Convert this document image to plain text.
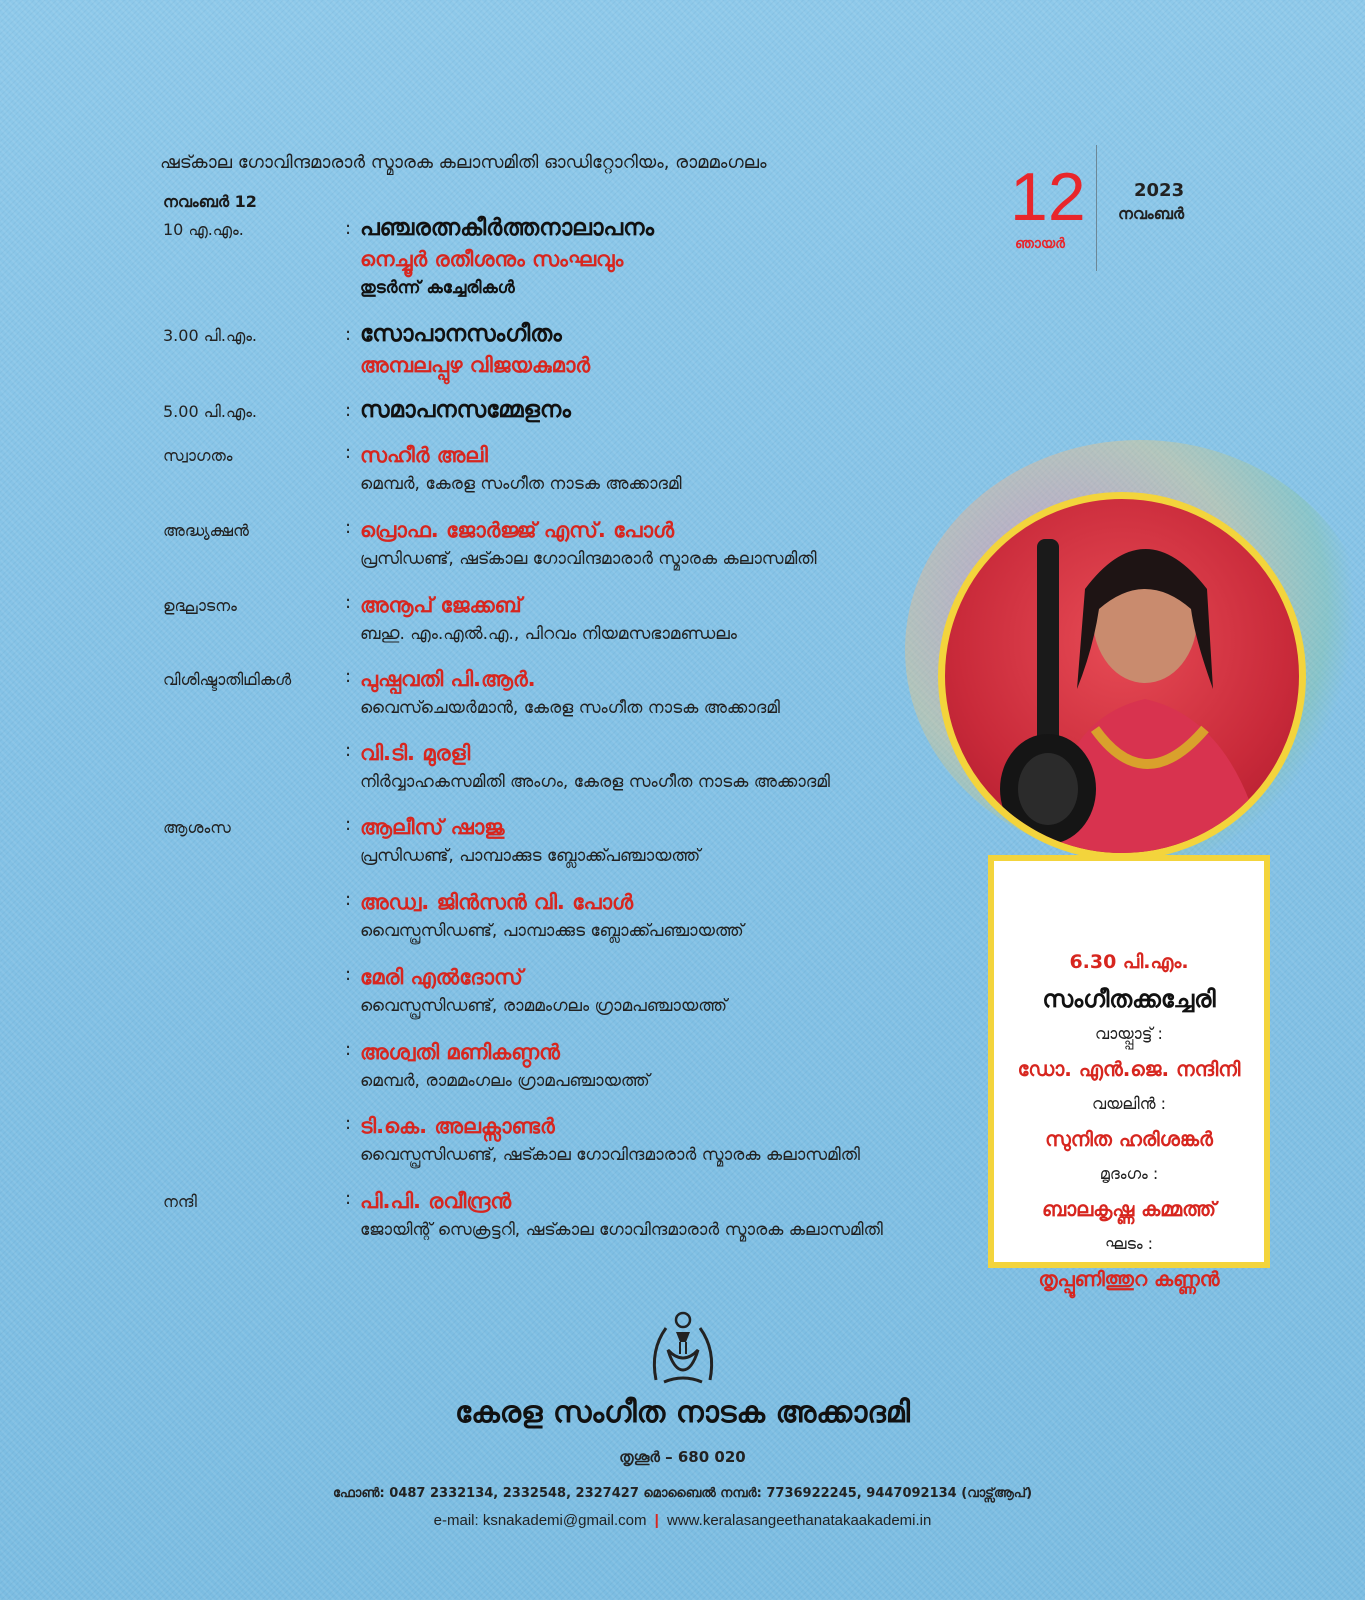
ഷട്കാല ഗോവിന്ദമാരാർ സ്മാരക കലാസമിതി ഓഡിറ്റോറിയം, രാമമംഗലം
നവംബർ 12	12
ഞായർ
2023
നവംബർ
10 എ.എം.	: പഞ്ചരത്നകീർത്തനാലാപനം
നെച്ചൂർ രതീശനും സംഘവും
തുടർന്ന് കച്ചേരികൾ
3.00 പി.എം.	: സോപാനസംഗീതം
അമ്പലപ്പുഴ വിജയകുമാർ
5.00 പി.എം.	: സമാപനസമ്മേളനം
സ്വാഗതം	: സഹീർ അലി
മെമ്പർ, കേരള സംഗീത നാടക അക്കാദമി
അദ്ധ്യക്ഷൻ	: പ്രൊഫ. ജോർജ്ജ് എസ്. പോൾ
പ്രസിഡണ്ട്, ഷട്കാല ഗോവിന്ദമാരാർ സ്മാരക കലാസമിതി
ഉദ്ഘാടനം	: അനൂപ് ജേക്കബ്
ബഹു. എം.എൽ.എ., പിറവം നിയമസഭാമണ്ഡലം
വിശിഷ്ടാതിഥികൾ	: പുഷ്പവതി പി.ആർ.
വൈസ്ചെയർമാൻ, കേരള സംഗീത നാടക അക്കാദമി
: വി.ടി. മുരളി
നിർവ്വാഹകസമിതി അംഗം, കേരള സംഗീത നാടക അക്കാദമി
ആശംസ	: ആലീസ് ഷാജു
പ്രസിഡണ്ട്, പാമ്പാക്കുട ബ്ലോക്ക്പഞ്ചായത്ത്
: അഡ്വ. ജിൻസൻ വി. പോൾ
വൈസ്പ്രസിഡണ്ട്, പാമ്പാക്കുട ബ്ലോക്ക്പഞ്ചായത്ത്
: മേരി എൽദോസ്
വൈസ്പ്രസിഡണ്ട്, രാമമംഗലം ഗ്രാമപഞ്ചായത്ത്
: അശ്വതി മണികണ്ഠൻ
മെമ്പർ, രാമമംഗലം ഗ്രാമപഞ്ചായത്ത്
: ടി.കെ. അലക്സാണ്ടർ
വൈസ്പ്രസിഡണ്ട്, ഷട്കാല ഗോവിന്ദമാരാർ സ്മാരക കലാസമിതി
നന്ദി	: പി.പി. രവീന്ദ്രൻ
ജോയിന്റ് സെക്രട്ടറി, ഷട്കാല ഗോവിന്ദമാരാർ സ്മാരക കലാസമിതി
6.30 പി.എം.
സംഗീതക്കച്ചേരി
വായ്പ്പാട്ട് :
ഡോ. എൻ.ജെ. നന്ദിനി
വയലിൻ :
സുനിത ഹരിശങ്കർ
മൃദംഗം :
ബാലകൃഷ്ണ കമ്മത്ത്
ഘടം :
തൃപ്പൂണിത്തുറ കണ്ണൻ
കേരള സംഗീത നാടക അക്കാദമി
തൃശൂർ – 680 020
ഫോൺ: 0487 2332134, 2332548, 2327427 മൊബൈൽ നമ്പർ: 7736922245, 9447092134 (വാട്സ്ആപ്)
e-mail: ksnakademi@gmail.com | www.keralasangeethanatakaakademi.in
